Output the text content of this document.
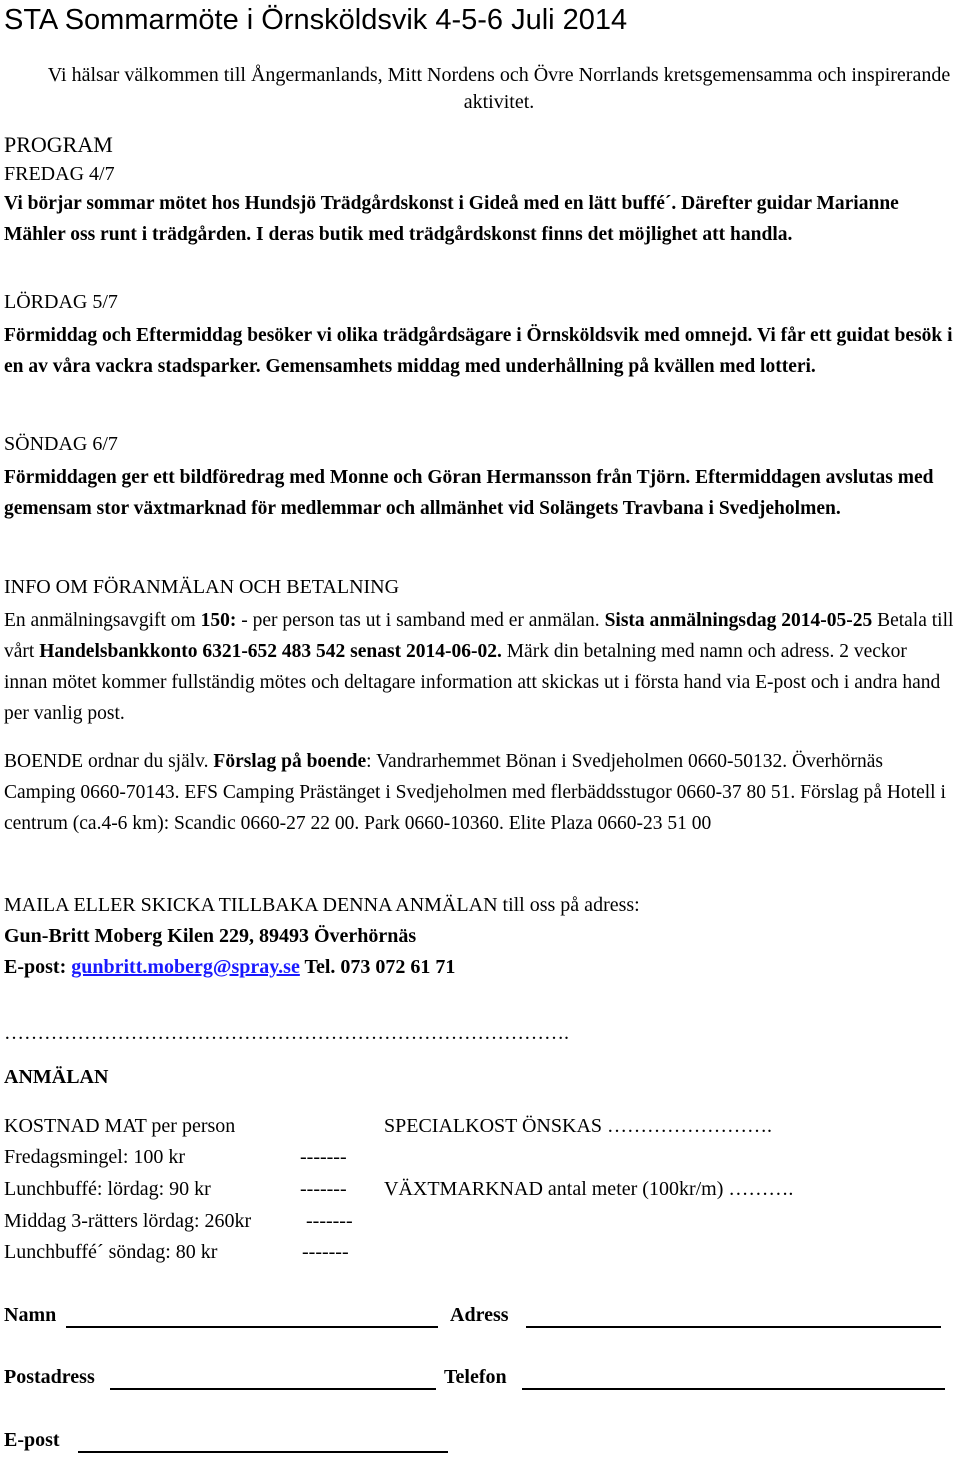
STA Sommarmöte i Örnsköldsvik 4-5-6 Juli 2014
Vi hälsar välkommen till Ångermanlands, Mitt Nordens och Övre Norrlands kretsgemensamma och inspirerande aktivitet.
PROGRAM
FREDAG 4/7
Vi börjar sommar mötet hos Hundsjö Trädgårdskonst i Gideå med en lätt buffé´. Därefter guidar Marianne Mähler oss runt i trädgården. I deras butik med trädgårdskonst finns det möjlighet att handla.
LÖRDAG 5/7
Förmiddag och Eftermiddag besöker vi olika trädgårdsägare i Örnsköldsvik med omnejd. Vi får ett guidat besök i en av våra vackra stadsparker. Gemensamhets middag med underhållning på kvällen med lotteri.
SÖNDAG 6/7
Förmiddagen ger ett bildföredrag med Monne och Göran Hermansson från Tjörn. Eftermiddagen avslutas med gemensam stor växtmarknad för medlemmar och allmänhet vid Solängets Travbana i Svedjeholmen.
INFO OM FÖRANMÄLAN OCH BETALNING
En anmälningsavgift om 150: - per person tas ut i samband med er anmälan. Sista anmälningsdag 2014-05-25 Betala till vårt Handelsbankkonto 6321-652 483 542 senast 2014-06-02. Märk din betalning med namn och adress. 2 veckor innan mötet kommer fullständig mötes och deltagare information att skickas ut i första hand via E-post och i andra hand per vanlig post.
BOENDE ordnar du själv. Förslag på boende: Vandrarhemmet Bönan i Svedjeholmen 0660-50132. Överhörnäs Camping 0660-70143. EFS Camping Prästänget i Svedjeholmen med flerbäddsstugor 0660-37 80 51. Förslag på Hotell i centrum (ca.4-6 km): Scandic 0660-27 22 00. Park 0660-10360. Elite Plaza 0660-23 51 00
MAILA ELLER SKICKA TILLBAKA DENNA ANMÄLAN till oss på adress:
Gun-Britt Moberg Kilen 229, 89493 Överhörnäs
E-post: gunbritt.moberg@spray.se Tel. 073 072 61 71
………………………………………………………………………….
ANMÄLAN
KOSTNAD MAT per person	SPECIALKOST ÖNSKAS …………………….
Fredagsmingel: 100 kr	-------
Lunchbuffé: lördag: 90 kr	------- VÄXTMARKNAD antal meter (100kr/m) ……….
Middag 3-rätters lördag: 260kr	-------
Lunchbuffé´ söndag: 80 kr	-------
Namn	Adress
Postadress	Telefon
E-post
